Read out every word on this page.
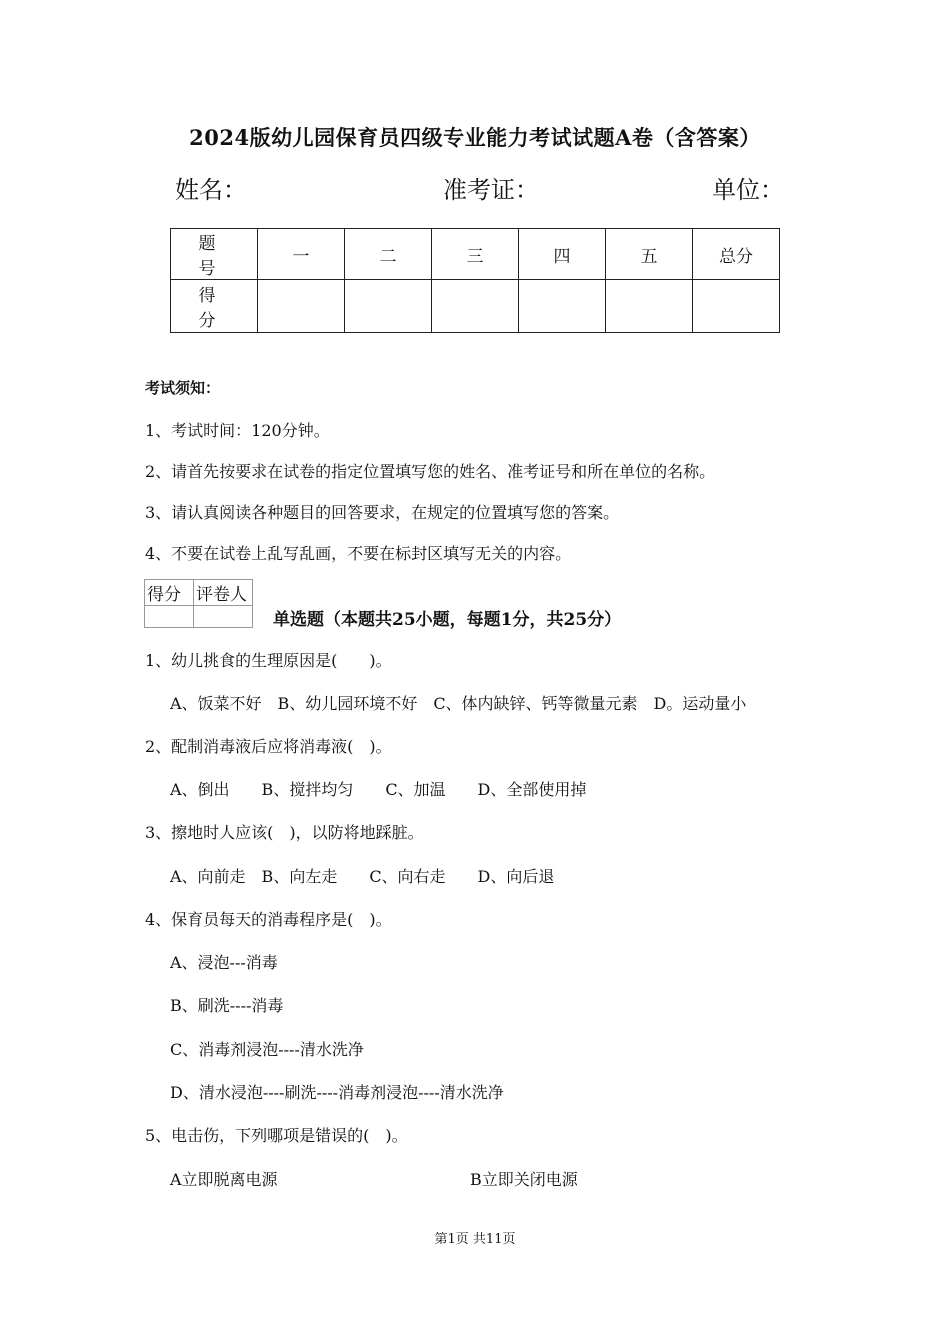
2024版幼儿园保育员四级专业能力考试试题A卷（含答案）
姓名：	准考证：	单位：
题　号	一	二	三	四	五	总分
得　分						
考试须知：
1、考试时间：120分钟。
2、请首先按要求在试卷的指定位置填写您的姓名、准考证号和所在单位的名称。
3、请认真阅读各种题目的回答要求，在规定的位置填写您的答案。
4、不要在试卷上乱写乱画，不要在标封区填写无关的内容。
得分	评卷人

单选题（本题共25小题，每题1分，共25分）
1、幼儿挑食的生理原因是(　　)。
A、饭菜不好　B、幼儿园环境不好　C、体内缺锌、钙等微量元素　D。运动量小
2、配制消毒液后应将消毒液(　)。
A、倒出　　B、搅拌均匀　　C、加温　　D、全部使用掉
3、擦地时人应该(　)，以防将地踩脏。
A、向前走　B、向左走　　C、向右走　　D、向后退
4、保育员每天的消毒程序是(　)。
A、浸泡---消毒
B、刷洗----消毒
C、消毒剂浸泡----清水洗净
D、清水浸泡----刷洗----消毒剂浸泡----清水洗净
5、电击伤，下列哪项是错误的(　)。
A立即脱离电源	B立即关闭电源
第1页 共11页
